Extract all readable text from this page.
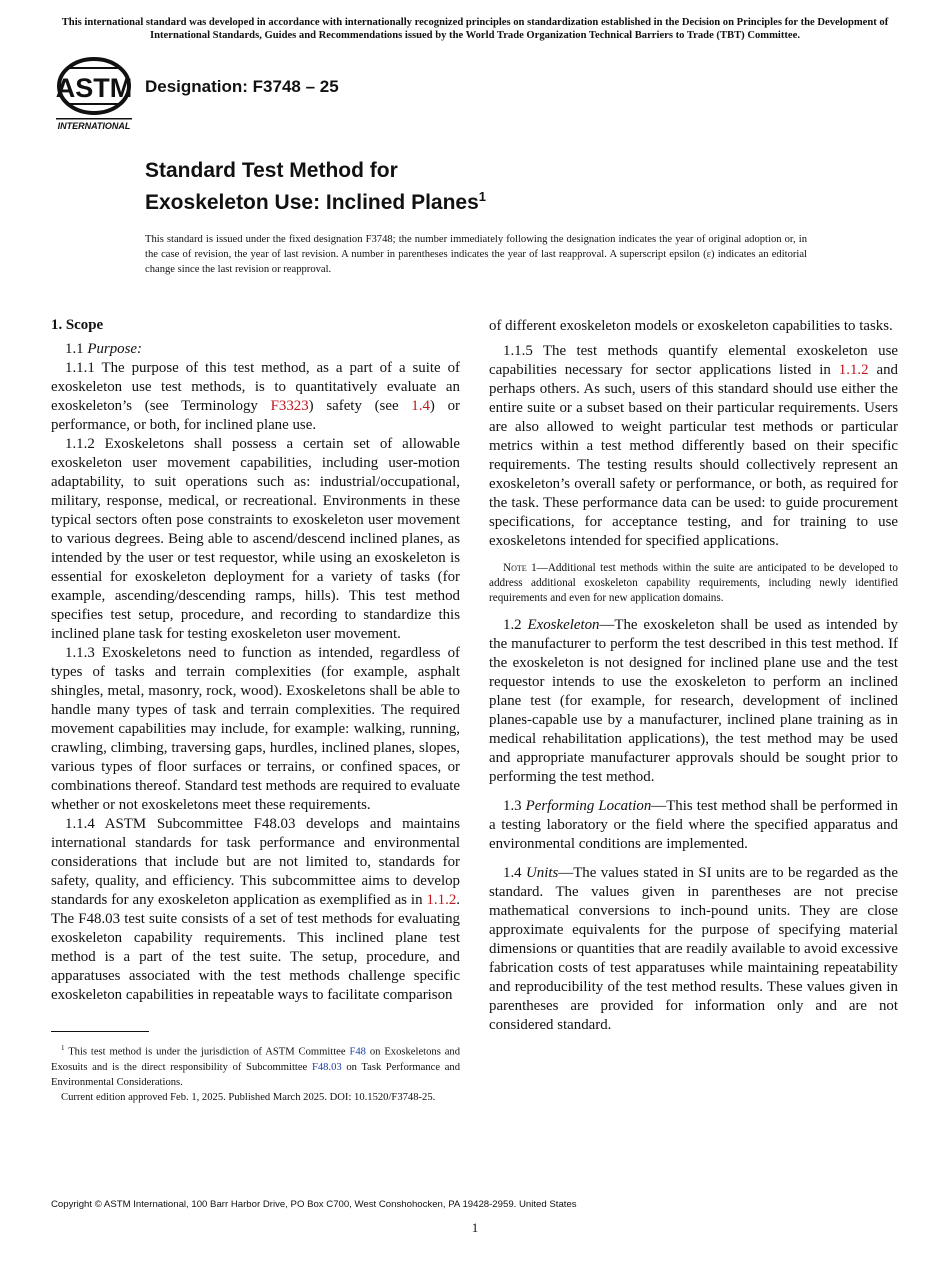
This international standard was developed in accordance with internationally recognized principles on standardization established in the Decision on Principles for the Development of International Standards, Guides and Recommendations issued by the World Trade Organization Technical Barriers to Trade (TBT) Committee.
ASTM
INTERNATIONAL
Designation: F3748 – 25
Standard Test Method for
Exoskeleton Use: Inclined Planes$^1$
This standard is issued under the fixed designation F3748; the number immediately following the designation indicates the year of original adoption or, in the case of revision, the year of last revision. A number in parentheses indicates the year of last reapproval. A superscript epsilon (ε) indicates an editorial change since the last revision or reapproval.

1. Scope

1.1 Purpose:

1.1.1 The purpose of this test method, as a part of a suite of exoskeleton use test methods, is to quantitatively evaluate an exoskeleton’s (see Terminology F3323) safety (see 1.4) or performance, or both, for inclined plane use.

1.1.2 Exoskeletons shall possess a certain set of allowable exoskeleton user movement capabilities, including user-motion adaptability, to suit operations such as: industrial/occupational, military, response, medical, or recreational. Environments in these typical sectors often pose constraints to exoskeleton user movement to various degrees. Being able to ascend/descend inclined planes, as intended by the user or test requestor, while using an exoskeleton is essential for exoskeleton deployment for a variety of tasks (for example, ascending/descending ramps, hills). This test method specifies test setup, procedure, and recording to standardize this inclined plane task for testing exoskeleton user movement.

1.1.3 Exoskeletons need to function as intended, regardless of types of tasks and terrain complexities (for example, asphalt shingles, metal, masonry, rock, wood). Exoskeletons shall be able to handle many types of task and terrain complexities. The required movement capabilities may include, for example: walking, running, crawling, climbing, traversing gaps, hurdles, inclined planes, slopes, various types of floor surfaces or terrains, or confined spaces, or combinations thereof. Standard test methods are required to evaluate whether or not exoskeletons meet these requirements.

1.1.4 ASTM Subcommittee F48.03 develops and maintains international standards for task performance and environmental considerations that include but are not limited to, standards for safety, quality, and efficiency. This subcommittee aims to develop standards for any exoskeleton application as exemplified as in 1.1.2. The F48.03 test suite consists of a set of test methods for evaluating exoskeleton capability requirements. This inclined plane test method is a part of the test suite. The setup, procedure, and apparatuses associated with the test methods challenge specific exoskeleton capabilities in repeatable ways to facilitate comparison

$^1$ This test method is under the jurisdiction of ASTM Committee F48 on Exoskeletons and Exosuits and is the direct responsibility of Subcommittee F48.03 on Task Performance and Environmental Considerations.

Current edition approved Feb. 1, 2025. Published March 2025. DOI: 10.1520/F3748-25.

of different exoskeleton models or exoskeleton capabilities to tasks.

1.1.5 The test methods quantify elemental exoskeleton use capabilities necessary for sector applications listed in 1.1.2 and perhaps others. As such, users of this standard should use either the entire suite or a subset based on their particular requirements. Users are also allowed to weight particular test methods or particular metrics within a test method differently based on their specific requirements. The testing results should collectively represent an exoskeleton’s overall safety or performance, or both, as required for the task. These performance data can be used: to guide procurement specifications, for acceptance testing, and for training to use exoskeletons intended for specified applications.

Note 1—Additional test methods within the suite are anticipated to be developed to address additional exoskeleton capability requirements, including newly identified requirements and even for new application domains.

1.2 Exoskeleton—The exoskeleton shall be used as intended by the manufacturer to perform the test described in this test method. If the exoskeleton is not designed for inclined plane use and the test requestor intends to use the exoskeleton to perform an inclined plane test (for example, for research, development of inclined planes-capable use by a manufacturer, inclined plane training as in medical rehabilitation applications), the test method may be used and appropriate manufacturer approvals should be sought prior to performing the test method.

1.3 Performing Location—This test method shall be performed in a testing laboratory or the field where the specified apparatus and environmental conditions are implemented.

1.4 Units—The values stated in SI units are to be regarded as the standard. The values given in parentheses are not precise mathematical conversions to inch-pound units. They are close approximate equivalents for the purpose of specifying material dimensions or quantities that are readily available to avoid excessive fabrication costs of test apparatuses while maintaining repeatability and reproducibility of the test method results. These values given in parentheses are provided for information only and are not considered standard.

Copyright © ASTM International, 100 Barr Harbor Drive, PO Box C700, West Conshohocken, PA 19428-2959. United States
1
